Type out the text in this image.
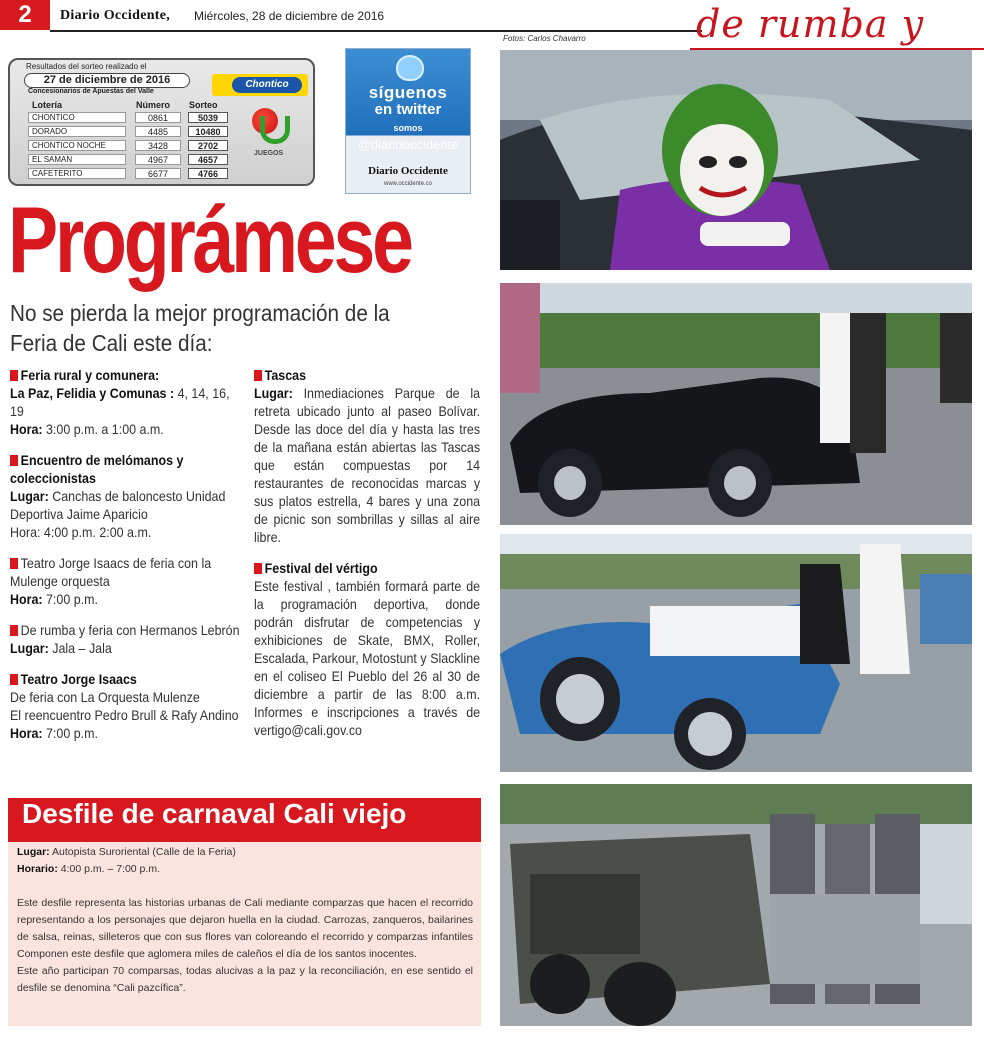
2	Diario Occidente, Miércoles, 28 de diciembre de 2016	de rumba y
Fotos: Carlos Chavarro
Resultados del sorteo realizado el
27 de diciembre de 2016
Concesionarios de Apuestas del Valle
Chontico
Lotería	Número Sorteo
CHONTICO	0861	5039
DORADO	4485	10480
CHONTICO NOCHE	3428	2702
EL SAMAN	4967	4657
CAFETERITO	6677	4766
JUEGOS
síguenos
en twitter
somos
@diariooccidente
Diario Occidente
www.occidente.co
Prográmese
No se pierda la mejor programación de la Feria de Cali este día:
Feria rural y comunera:
La Paz, Felidia y Comunas : 4, 14, 16, 19
Hora: 3:00 p.m. a 1:00 a.m.
Encuentro de melómanos y coleccionistas
Lugar: Canchas de baloncesto Unidad Deportiva Jaime Aparicio
Hora: 4:00 p.m. 2:00 a.m.
Teatro Jorge Isaacs de feria con la Mulenge orquesta
Hora: 7:00 p.m.
De rumba y feria con Hermanos Lebrón
Lugar: Jala – Jala
Teatro Jorge Isaacs
De feria con La Orquesta Mulenze
El reencuentro Pedro Brull & Rafy Andino
Hora: 7:00 p.m.
Tascas
Lugar: Inmediaciones Parque de la retreta ubicado junto al paseo Bolívar. Desde las doce del día y hasta las tres de la mañana están abiertas las Tascas que están compuestas por 14 restaurantes de reconocidas marcas y sus platos estrella, 4 bares y una zona de picnic son sombrillas y sillas al aire libre.
Festival del vértigo
Este festival , también formará parte de la programación deportiva, donde podrán disfrutar de competencias y exhibiciones de Skate, BMX, Roller, Escalada, Parkour, Motostunt y Slackline en el coliseo El Pueblo del 26 al 30 de diciembre a partir de las 8:00 a.m. Informes e inscripciones a través de vertigo@cali.gov.co
Desfile de carnaval Cali viejo
Lugar: Autopista Suroriental (Calle de la Feria)
Horario: 4:00 p.m. – 7:00 p.m.

Este desfile representa las historias urbanas de Cali mediante comparzas que hacen el recorrido representando a los personajes que dejaron huella en la ciudad. Carrozas, zanqueros, bailarines de salsa, reinas, silleteros que con sus flores van coloreando el recorrido y comparzas infantiles Componen este desfile que aglomera miles de caleños el día de los santos inocentes.

Este año participan 70 comparsas, todas alucivas a la paz y la reconciliación, en ese sentido el desfile se denomina “Cali pazcífica”.
